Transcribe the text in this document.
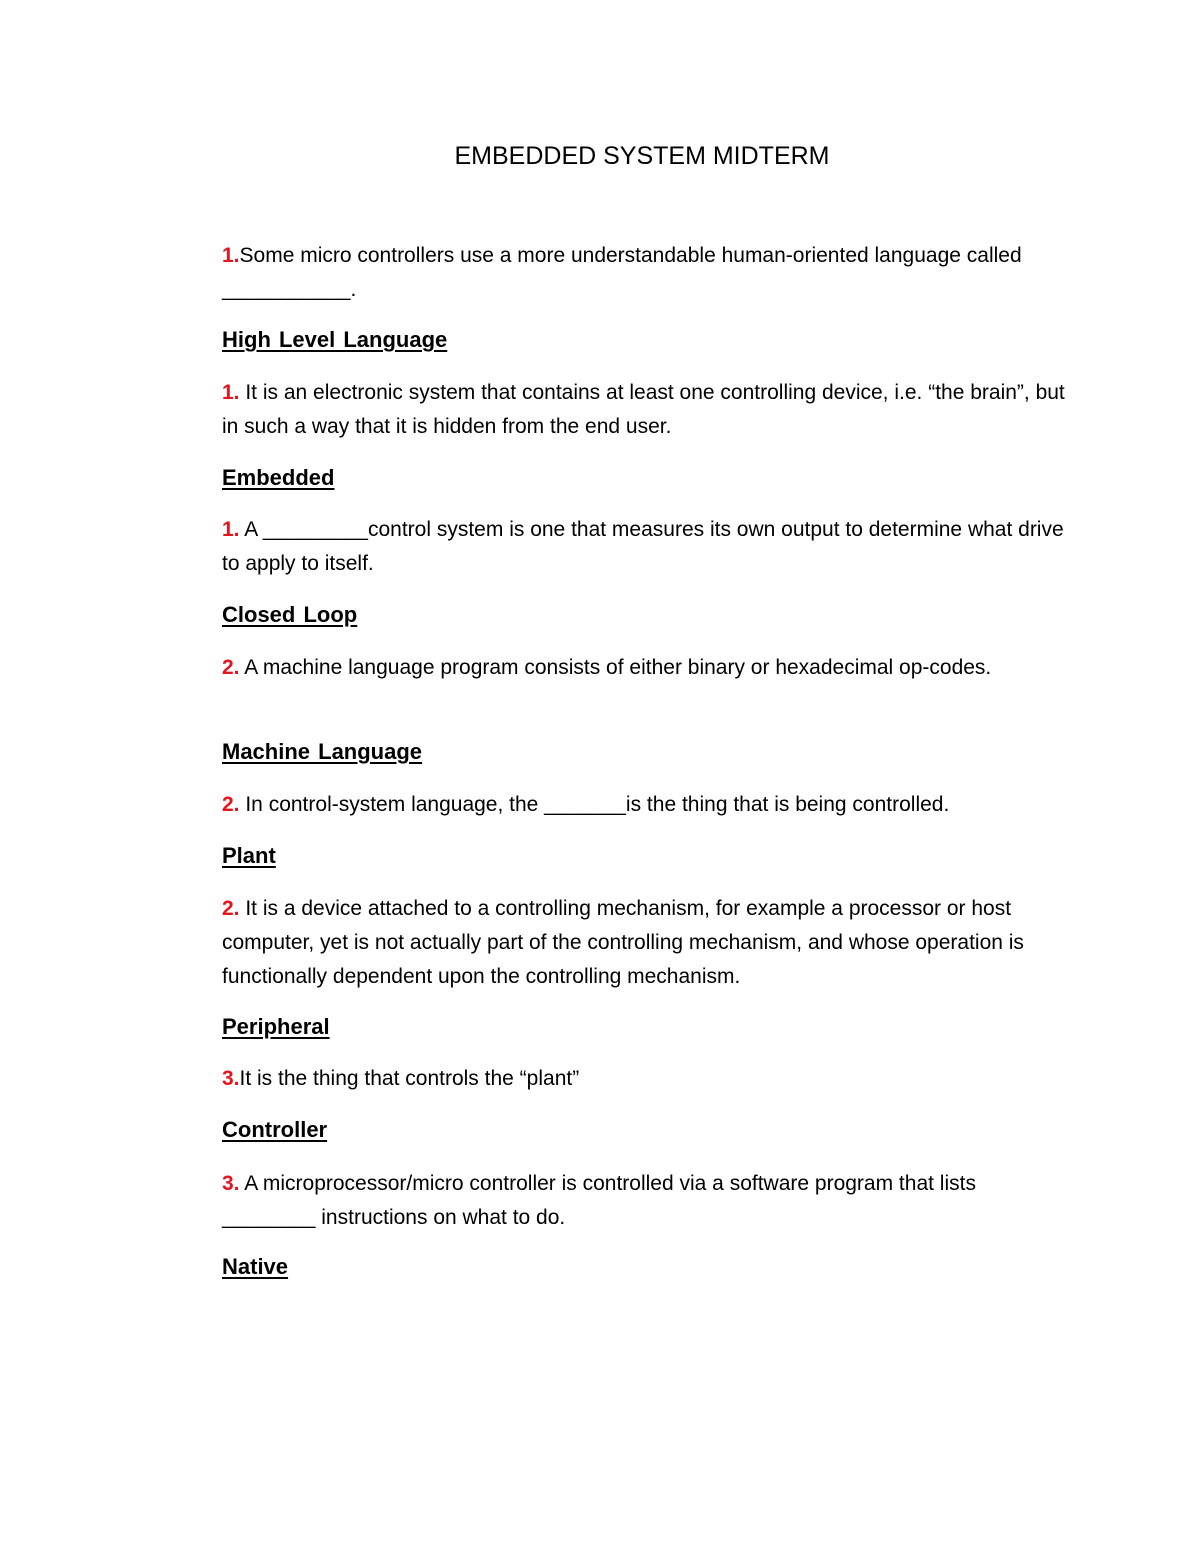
EMBEDDED SYSTEM MIDTERM
1.Some micro controllers use a more understandable human-oriented language called ___________.
High Level Language
1. It is an electronic system that contains at least one controlling device, i.e. “the brain”, but in such a way that it is hidden from the end user.
Embedded
1. A _________control system is one that measures its own output to determine what drive to apply to itself.
Closed Loop
2. A machine language program consists of either binary or hexadecimal op-codes.
Machine Language
2. In control-system language, the _______is the thing that is being controlled.
Plant
2. It is a device attached to a controlling mechanism, for example a processor or host computer, yet is not actually part of the controlling mechanism, and whose operation is functionally dependent upon the controlling mechanism.
Peripheral
3.It is the thing that controls the “plant”
Controller
3. A microprocessor/micro controller is controlled via a software program that lists ________ instructions on what to do.
Native
